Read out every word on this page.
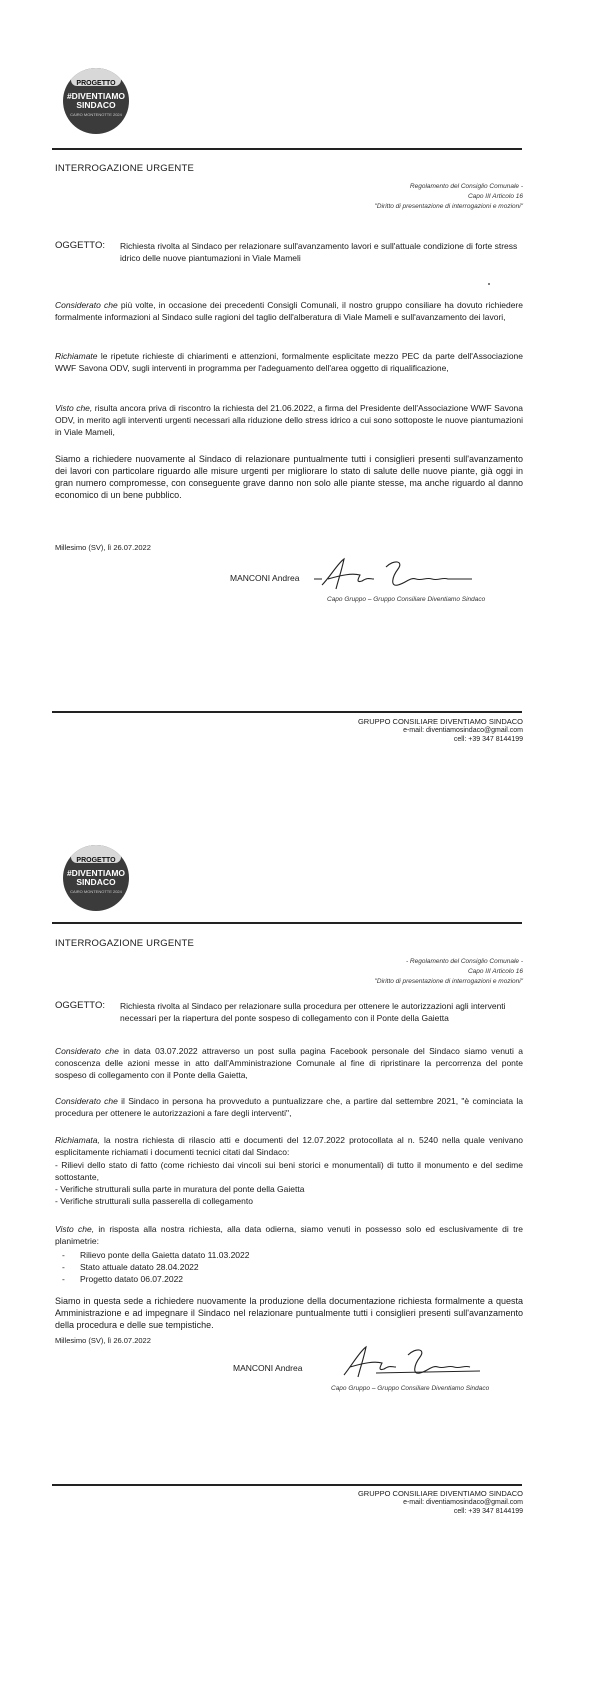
PROGETTO
#DIVENTIAMO
SINDACO
CAIRO MONTENOTTE 2024
INTERROGAZIONE URGENTE
Regolamento del Consiglio Comunale -
Capo III Articolo 16
"Diritto di presentazione di interrogazioni e mozioni"
OGGETTO: Richiesta rivolta al Sindaco per relazionare sull'avanzamento lavori e sull'attuale condizione di forte stress idrico delle nuove piantumazioni in Viale Mameli
Considerato che più volte, in occasione dei precedenti Consigli Comunali, il nostro gruppo consiliare ha dovuto richiedere formalmente informazioni al Sindaco sulle ragioni del taglio dell'alberatura di Viale Mameli e sull'avanzamento dei lavori,
Richiamate le ripetute richieste di chiarimenti e attenzioni, formalmente esplicitate mezzo PEC da parte dell'Associazione WWF Savona ODV, sugli interventi in programma per l'adeguamento dell'area oggetto di riqualificazione,
Visto che, risulta ancora priva di riscontro la richiesta del 21.06.2022, a firma del Presidente dell'Associazione WWF Savona ODV, in merito agli interventi urgenti necessari alla riduzione dello stress idrico a cui sono sottoposte le nuove piantumazioni in Viale Mameli,
Siamo a richiedere nuovamente al Sindaco di relazionare puntualmente tutti i consiglieri presenti sull'avanzamento dei lavori con particolare riguardo alle misure urgenti per migliorare lo stato di salute delle nuove piante, già oggi in gran numero compromesse, con conseguente grave danno non solo alle piante stesse, ma anche riguardo al danno economico di un bene pubblico.
Millesimo (SV), lì 26.07.2022
MANCONI Andrea
Capo Gruppo – Gruppo Consiliare Diventiamo Sindaco
GRUPPO CONSILIARE DIVENTIAMO SINDACO
e-mail: diventiamosindaco@gmail.com
cell: +39 347 8144199
PROGETTO
#DIVENTIAMO
SINDACO
CAIRO MONTENOTTE 2024
INTERROGAZIONE URGENTE
- Regolamento del Consiglio Comunale -
Capo III Articolo 16
"Diritto di presentazione di interrogazioni e mozioni"
OGGETTO: Richiesta rivolta al Sindaco per relazionare sulla procedura per ottenere le autorizzazioni agli interventi necessari per la riapertura del ponte sospeso di collegamento con il Ponte della Gaietta
Considerato che in data 03.07.2022 attraverso un post sulla pagina Facebook personale del Sindaco siamo venuti a conoscenza delle azioni messe in atto dall'Amministrazione Comunale al fine di ripristinare la percorrenza del ponte sospeso di collegamento con il Ponte della Gaietta,
Considerato che il Sindaco in persona ha provveduto a puntualizzare che, a partire dal settembre 2021, "è cominciata la procedura per ottenere le autorizzazioni a fare degli interventi",
Richiamata, la nostra richiesta di rilascio atti e documenti del 12.07.2022 protocollata al n. 5240 nella quale venivano esplicitamente richiamati i documenti tecnici citati dal Sindaco:
- Rilievi dello stato di fatto (come richiesto dai vincoli sui beni storici e monumentali) di tutto il monumento e del sedime sottostante,
- Verifiche strutturali sulla parte in muratura del ponte della Gaietta
- Verifiche strutturali sulla passerella di collegamento
Visto che, in risposta alla nostra richiesta, alla data odierna, siamo venuti in possesso solo ed esclusivamente di tre planimetrie:
- Rilievo ponte della Gaietta datato 11.03.2022
- Stato attuale datato 28.04.2022
- Progetto datato 06.07.2022
Siamo in questa sede a richiedere nuovamente la produzione della documentazione richiesta formalmente a questa Amministrazione e ad impegnare il Sindaco nel relazionare puntualmente tutti i consiglieri presenti sull'avanzamento della procedura e delle sue tempistiche.
Millesimo (SV), lì 26.07.2022
MANCONI Andrea
Capo Gruppo – Gruppo Consiliare Diventiamo Sindaco
GRUPPO CONSILIARE DIVENTIAMO SINDACO
e-mail: diventiamosindaco@gmail.com
cell: +39 347 8144199
